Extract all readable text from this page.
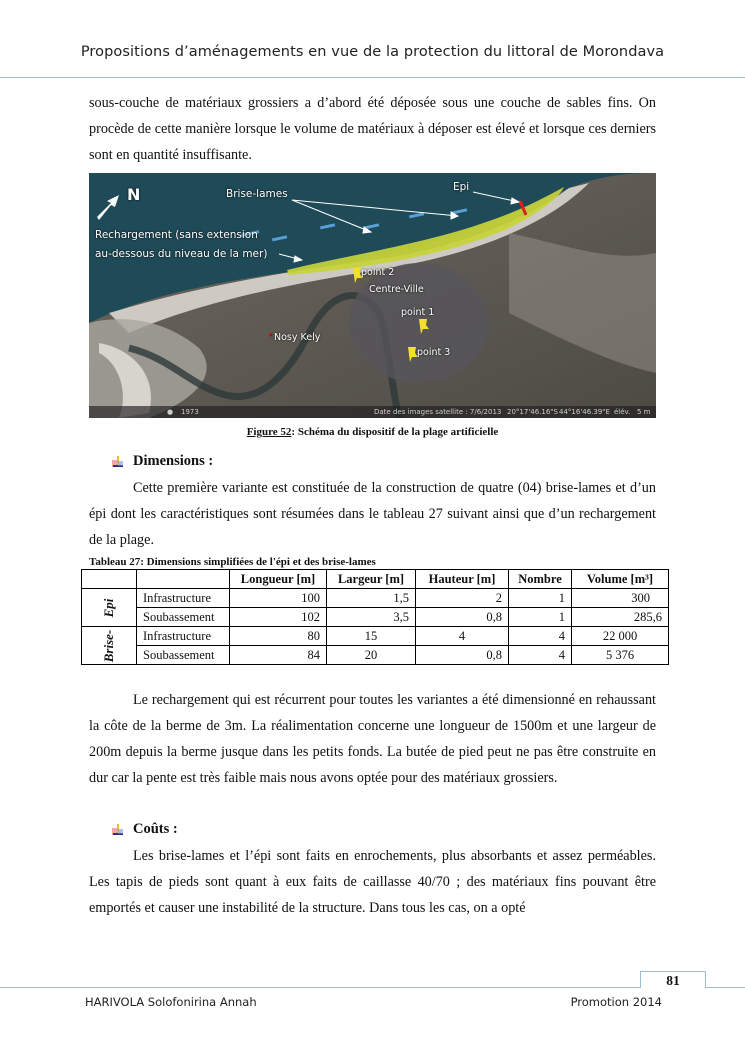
Propositions d’aménagements en vue de la protection du littoral de Morondava
sous-couche de matériaux grossiers a d’abord été déposée sous une couche de sables fins. On procède de cette manière lorsque le volume de matériaux à déposer est élevé et lorsque ces derniers sont en quantité insuffisante.
N	Brise-lames
Epi
Rechargement (sans extension
au-dessous du niveau de la mer)
point 2
Centre-Ville
point 1
Nosy Kely
point 3
● 1973	Date des images satellite : 7/6/2013 20°17'46.16"S 44°16'46.39"E élév. 5 m
Figure 52: Schéma du dispositif de la plage artificielle
Dimensions :
Cette première variante est constituée de la construction de quatre (04) brise-lames et d’un épi dont les caractéristiques sont résumées dans le tableau 27 suivant ainsi que d’un rechargement de la plage.
Tableau 27: Dimensions simplifiées de l'épi et des brise-lames
		Longueur [m]	Largeur [m]	Hauteur [m]	Nombre	Volume [m³]

Epi	Infrastructure	100	1,5	2	1	300
	Soubassement	102	3,5	0,8	1	285,6

Brise-	Infrastructure	80	15	4	4	22 000
	Soubassement	84	20	0,8	4	5 376
Le rechargement qui est récurrent pour toutes les variantes a été dimensionné en rehaussant la côte de la berme de 3m. La réalimentation concerne une longueur de 1500m et une largeur de 200m depuis la berme jusque dans les petits fonds. La butée de pied peut ne pas être construite en dur car la pente est très faible mais nous avons optée pour des matériaux grossiers.
Coûts :
Les brise-lames et l’épi sont faits en enrochements, plus absorbants et assez perméables. Les tapis de pieds sont quant à eux faits de caillasse 40/70 ; des matériaux fins pouvant être emportés et causer une instabilité de la structure. Dans tous les cas, on a opté
81
HARIVOLA Solofonirina Annah	Promotion 2014
